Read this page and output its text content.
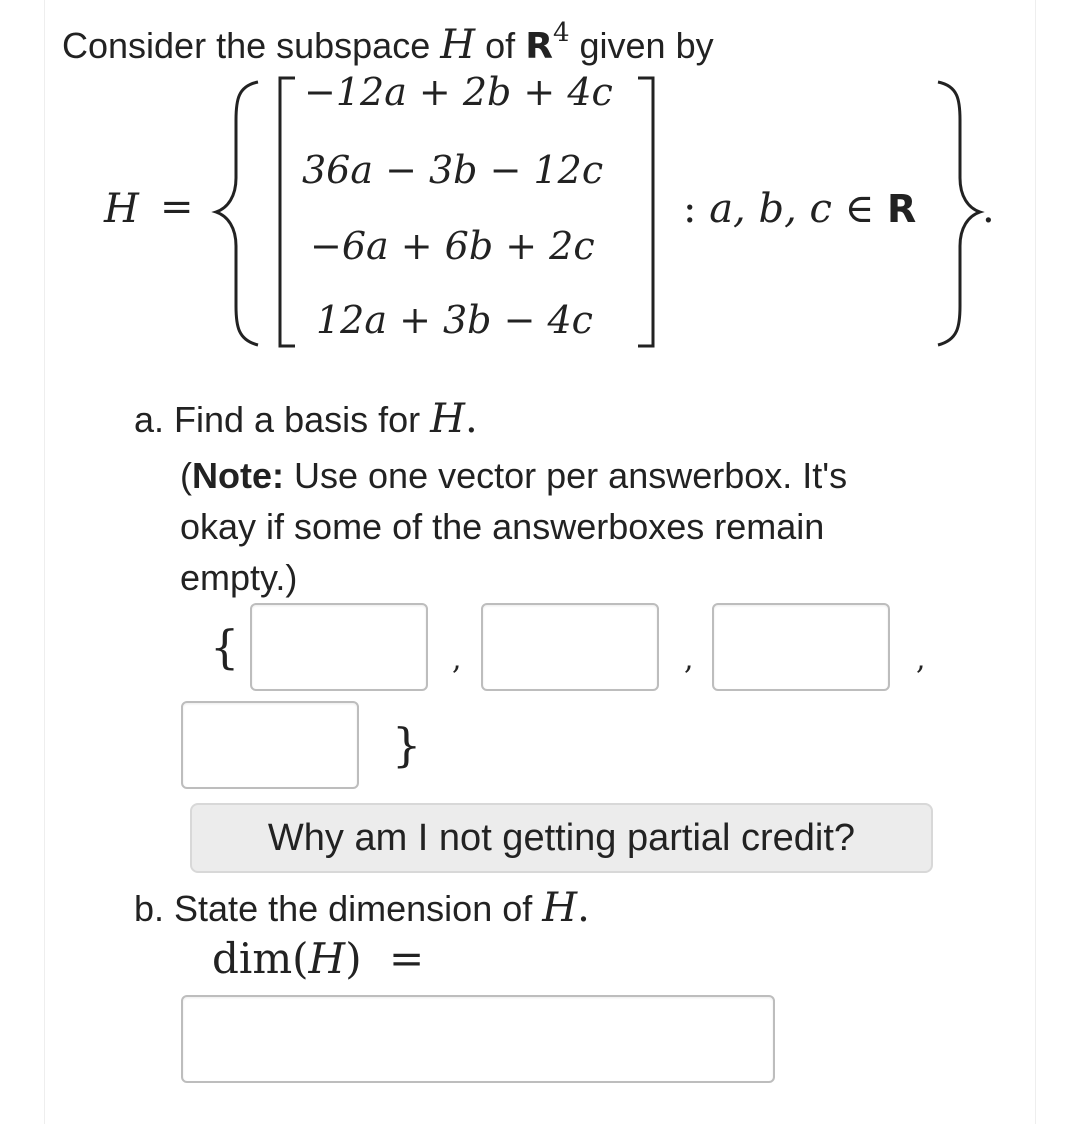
Consider the subspace H of $R^4$ given by
H =
−12a + 2b + 4c
36a − 3b − 12c
−6a + 6b + 2c
12a + 3b − 4c
: a, b, c ∈ R .
a. Find a basis for H.
(Note: Use one vector per answerbox. It's
okay if some of the answerboxes remain
empty.)
{	,	,	,
}
Why am I not getting partial credit?
b. State the dimension of H.
dim(H) =
